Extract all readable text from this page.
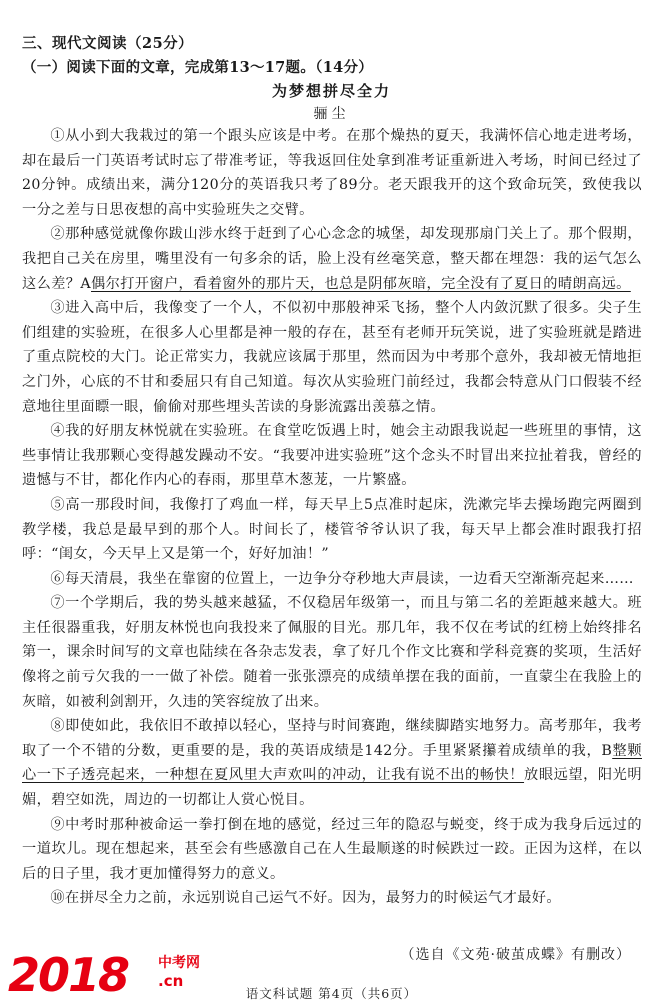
三、现代文阅读（25分）
（一）阅读下面的文章，完成第13～17题。（14分）
为梦想拼尽全力
骊尘

①从小到大我栽过的第一个跟头应该是中考。在那个燥热的夏天，我满怀信心地走进考场，却在最后一门英语考试时忘了带准考证，等我返回住处拿到准考证重新进入考场，时间已经过了20分钟。成绩出来，满分120分的英语我只考了89分。老天跟我开的这个致命玩笑，致使我以一分之差与日思夜想的高中实验班失之交臂。

②那种感觉就像你跋山涉水终于赶到了心心念念的城堡，却发现那扇门关上了。那个假期，我把自己关在房里，嘴里没有一句多余的话，脸上没有丝毫笑意，整天都在埋怨：我的运气怎么这么差？A偶尔打开窗户，看着窗外的那片天，也总是阴郁灰暗，完全没有了夏日的晴朗高远。

③进入高中后，我像变了一个人，不似初中那般神采飞扬，整个人内敛沉默了很多。尖子生们组建的实验班，在很多人心里都是神一般的存在，甚至有老师开玩笑说，进了实验班就是踏进了重点院校的大门。论正常实力，我就应该属于那里，然而因为中考那个意外，我却被无情地拒之门外，心底的不甘和委屈只有自己知道。每次从实验班门前经过，我都会特意从门口假装不经意地往里面瞟一眼，偷偷对那些埋头苦读的身影流露出羡慕之情。

④我的好朋友林悦就在实验班。在食堂吃饭遇上时，她会主动跟我说起一些班里的事情，这些事情让我那颗心变得越发躁动不安。“我要冲进实验班”这个念头不时冒出来拉扯着我，曾经的遗憾与不甘，都化作内心的春雨，那里草木葱茏，一片繁盛。

⑤高一那段时间，我像打了鸡血一样，每天早上5点准时起床，洗漱完毕去操场跑完两圈到教学楼，我总是最早到的那个人。时间长了，楼管爷爷认识了我，每天早上都会准时跟我打招呼：“闺女，今天早上又是第一个，好好加油！”

⑥每天清晨，我坐在靠窗的位置上，一边争分夺秒地大声晨读，一边看天空渐渐亮起来……

⑦一个学期后，我的势头越来越猛，不仅稳居年级第一，而且与第二名的差距越来越大。班主任很器重我，好朋友林悦也向我投来了佩服的目光。那几年，我不仅在考试的红榜上始终排名第一，课余时间写的文章也陆续在各杂志发表，拿了好几个作文比赛和学科竞赛的奖项，生活好像将之前亏欠我的一一做了补偿。随着一张张漂亮的成绩单摆在我的面前，一直蒙尘在我脸上的灰暗，如被利剑割开，久违的笑容绽放了出来。

⑧即使如此，我依旧不敢掉以轻心，坚持与时间赛跑，继续脚踏实地努力。高考那年，我考取了一个不错的分数，更重要的是，我的英语成绩是142分。手里紧紧攥着成绩单的我，B整颗心一下子透亮起来，一种想在夏风里大声欢叫的冲动，让我有说不出的畅快！放眼远望，阳光明媚，碧空如洗，周边的一切都让人赏心悦目。

⑨中考时那种被命运一拳打倒在地的感觉，经过三年的隐忍与蜕变，终于成为我身后远过的一道坎儿。现在想起来，甚至会有些感激自己在人生最顺遂的时候跌过一跤。正因为这样，在以后的日子里，我才更加懂得努力的意义。

⑩在拼尽全力之前，永远别说自己运气不好。因为，最努力的时候运气才最好。

（选自《文苑·破茧成蝶》有删改）
2018 中考网
.cn
语文科试题 第4页（共6页）
